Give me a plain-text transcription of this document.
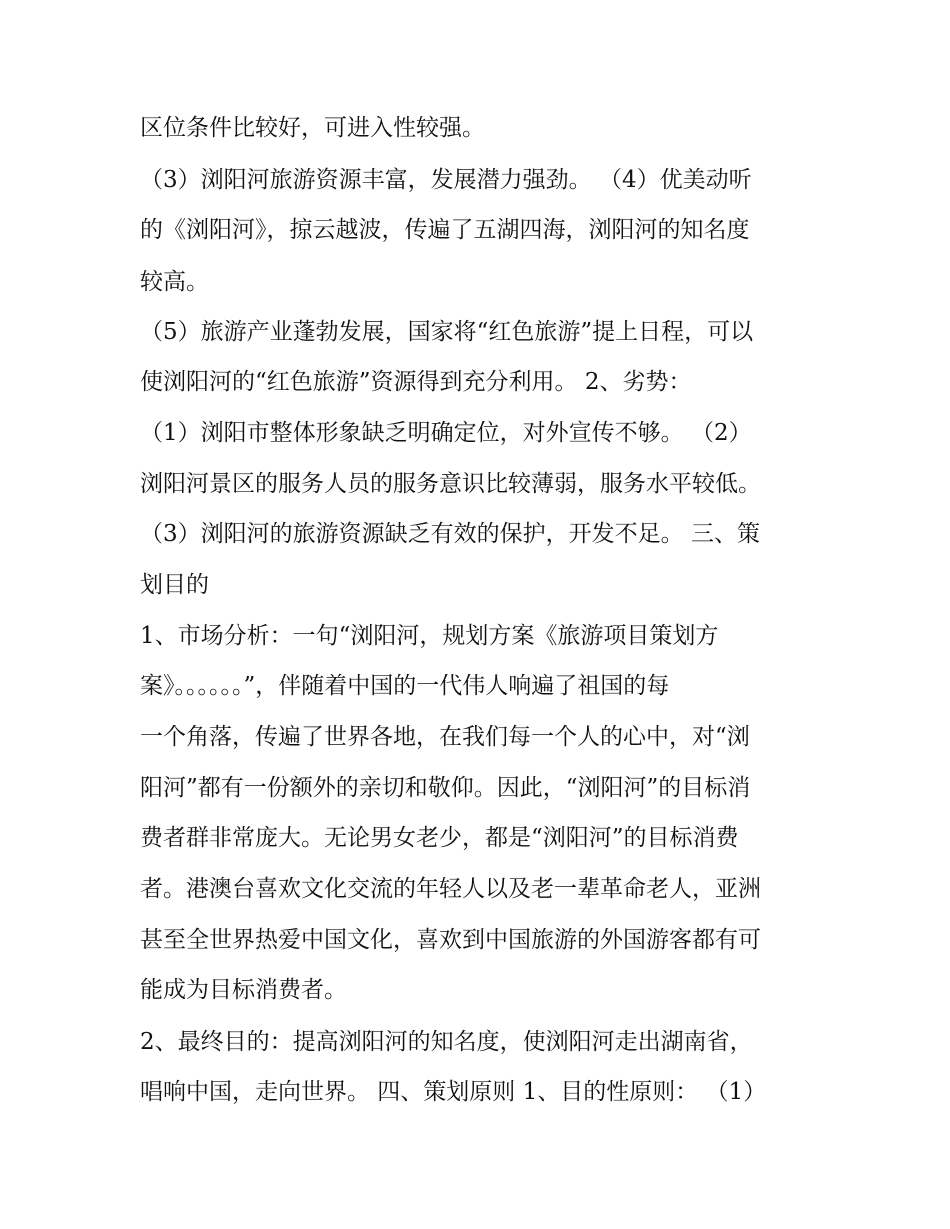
区位条件比较好，可进入性较强。
（3）浏阳河旅游资源丰富，发展潜力强劲。 （4）优美动听
的《浏阳河》，掠云越波，传遍了五湖四海，浏阳河的知名度
较高。
（5）旅游产业蓬勃发展，国家将“红色旅游”提上日程，可以
使浏阳河的“红色旅游”资源得到充分利用。 2、劣势：
（1）浏阳市整体形象缺乏明确定位，对外宣传不够。 （2）
浏阳河景区的服务人员的服务意识比较薄弱，服务水平较低。
（3）浏阳河的旅游资源缺乏有效的保护，开发不足。 三、策
划目的
1、市场分析：一句“浏阳河，规划方案《旅游项目策划方
案》。。。。。。”，伴随着中国的一代伟人响遍了祖国的每
一个角落，传遍了世界各地，在我们每一个人的心中，对“浏
阳河”都有一份额外的亲切和敬仰。因此，“浏阳河”的目标消
费者群非常庞大。无论男女老少，都是“浏阳河”的目标消费
者。港澳台喜欢文化交流的年轻人以及老一辈革命老人，亚洲
甚至全世界热爱中国文化，喜欢到中国旅游的外国游客都有可
能成为目标消费者。
2、最终目的：提高浏阳河的知名度，使浏阳河走出湖南省，
唱响中国，走向世界。 四、策划原则 1、目的性原则： （1）
